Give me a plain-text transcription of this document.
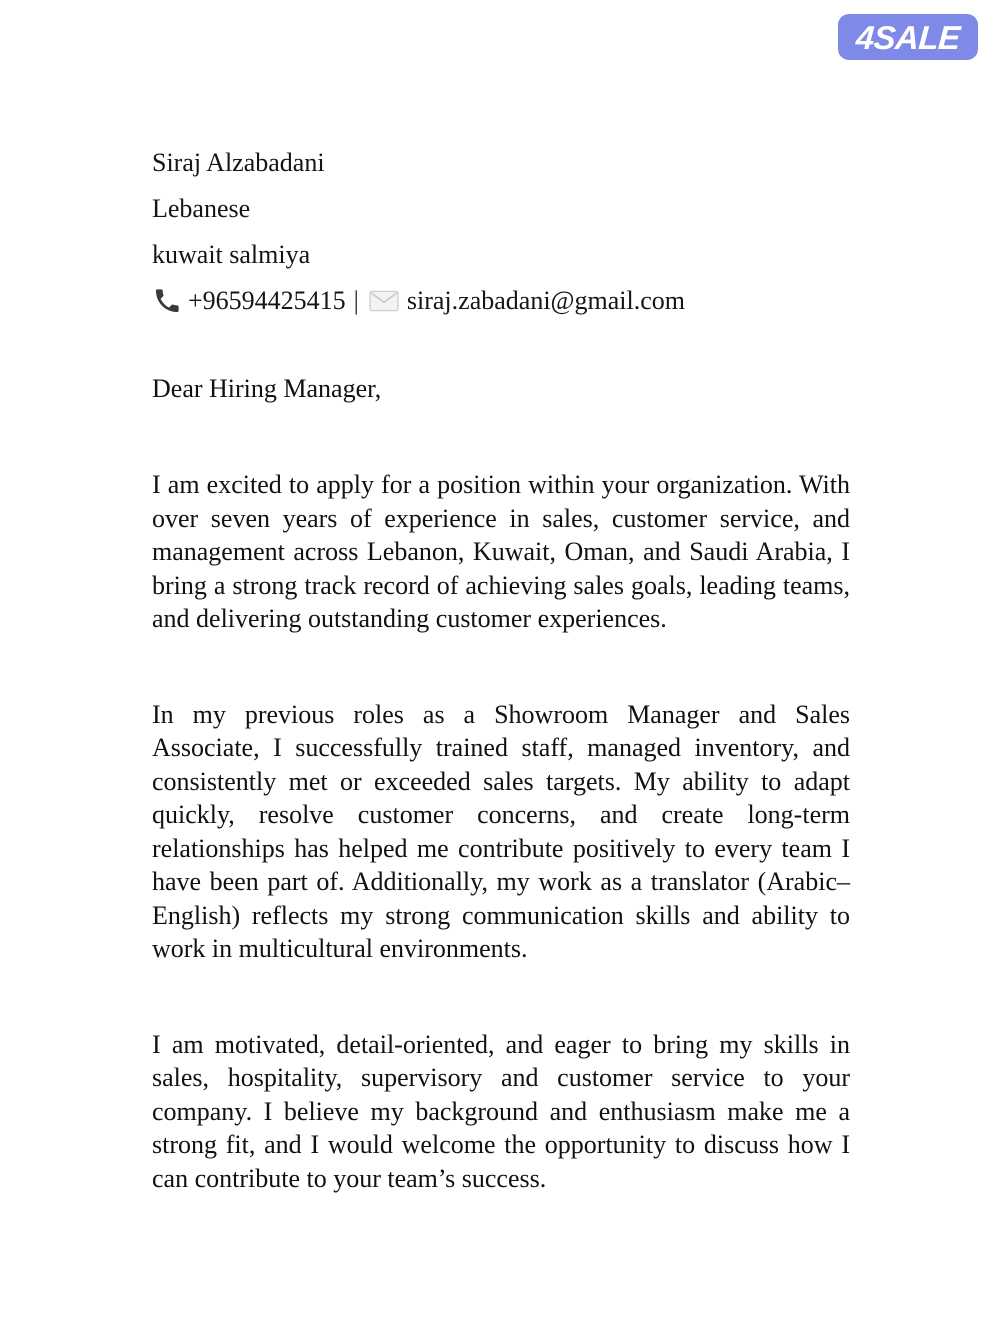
4SALE
Siraj Alzabadani
Lebanese
kuwait salmiya
+96594425415 | siraj.zabadani@gmail.com
Dear Hiring Manager,

I am excited to apply for a position within your organization. With over seven years of experience in sales, customer service, and management across Lebanon, Kuwait, Oman, and Saudi Arabia, I bring a strong track record of achieving sales goals, leading teams, and delivering outstanding customer experiences.

In my previous roles as a Showroom Manager and Sales Associate, I successfully trained staff, managed inventory, and consistently met or exceeded sales targets. My ability to adapt quickly, resolve customer concerns, and create long-term relationships has helped me contribute positively to every team I have been part of. Additionally, my work as a translator (Arabic–English) reflects my strong communication skills and ability to work in multicultural environments.

I am motivated, detail-oriented, and eager to bring my skills in sales, hospitality, supervisory and customer service to your company. I believe my background and enthusiasm make me a strong fit, and I would welcome the opportunity to discuss how I can contribute to your team’s success.
